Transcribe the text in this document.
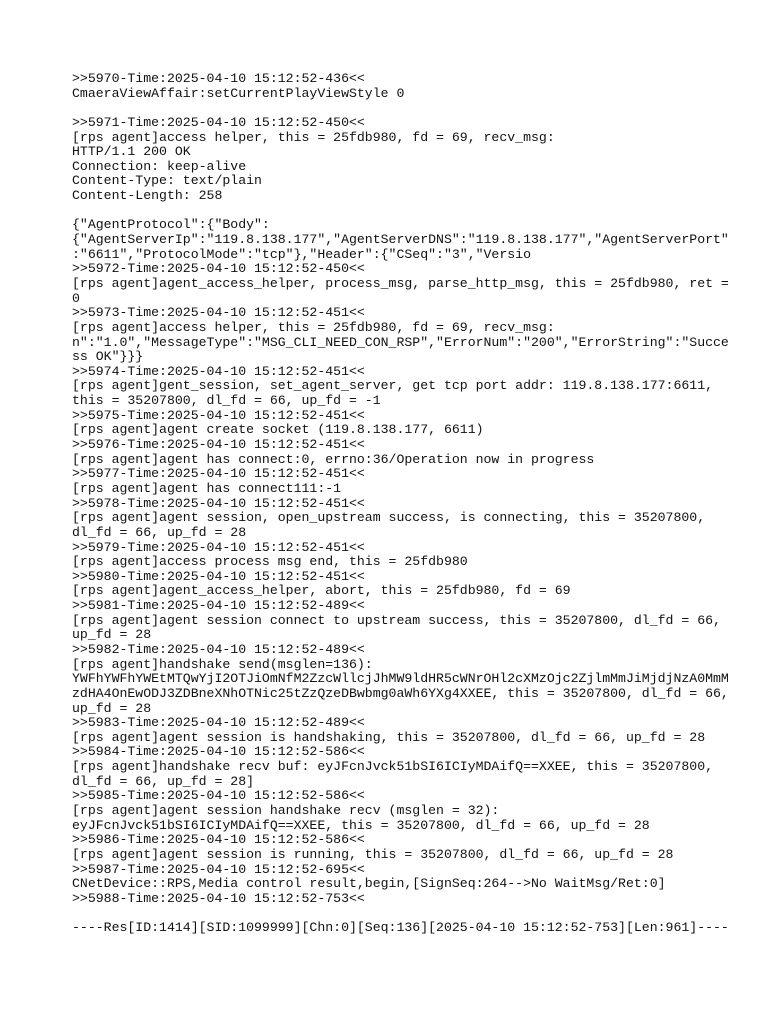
>>5970-Time:2025-04-10 15:12:52-436<<
CmaeraViewAffair:setCurrentPlayViewStyle 0
>>5971-Time:2025-04-10 15:12:52-450<<
[rps agent]access helper, this = 25fdb980, fd = 69, recv_msg:
HTTP/1.1 200 OK
Connection: keep-alive
Content-Type: text/plain
Content-Length: 258
{"AgentProtocol":{"Body":
{"AgentServerIp":"119.8.138.177","AgentServerDNS":"119.8.138.177","AgentServerPort"
:"6611","ProtocolMode":"tcp"},"Header":{"CSeq":"3","Versio
>>5972-Time:2025-04-10 15:12:52-450<<
[rps agent]agent_access_helper, process_msg, parse_http_msg, this = 25fdb980, ret =
0
>>5973-Time:2025-04-10 15:12:52-451<<
[rps agent]access helper, this = 25fdb980, fd = 69, recv_msg:
n":"1.0","MessageType":"MSG_CLI_NEED_CON_RSP","ErrorNum":"200","ErrorString":"Succe
ss OK"}}}
>>5974-Time:2025-04-10 15:12:52-451<<
[rps agent]gent_session, set_agent_server, get tcp port addr: 119.8.138.177:6611,
this = 35207800, dl_fd = 66, up_fd = -1
>>5975-Time:2025-04-10 15:12:52-451<<
[rps agent]agent create socket (119.8.138.177, 6611)
>>5976-Time:2025-04-10 15:12:52-451<<
[rps agent]agent has connect:0, errno:36/Operation now in progress
>>5977-Time:2025-04-10 15:12:52-451<<
[rps agent]agent has connect111:-1
>>5978-Time:2025-04-10 15:12:52-451<<
[rps agent]agent session, open_upstream success, is connecting, this = 35207800,
dl_fd = 66, up_fd = 28
>>5979-Time:2025-04-10 15:12:52-451<<
[rps agent]access process msg end, this = 25fdb980
>>5980-Time:2025-04-10 15:12:52-451<<
[rps agent]agent_access_helper, abort, this = 25fdb980, fd = 69
>>5981-Time:2025-04-10 15:12:52-489<<
[rps agent]agent session connect to upstream success, this = 35207800, dl_fd = 66,
up_fd = 28
>>5982-Time:2025-04-10 15:12:52-489<<
[rps agent]handshake send(msglen=136):
YWFhYWFhYWEtMTQwYjI2OTJiOmNfM2ZzcWllcjJhMW9ldHR5cWNrOHl2cXMzOjc2ZjlmMmJiMjdjNzA0MmM
zdHA4OnEwODJ3ZDBneXNhOTNic25tZzQzeDBwbmg0aWh6YXg4XXEE, this = 35207800, dl_fd = 66,
up_fd = 28
>>5983-Time:2025-04-10 15:12:52-489<<
[rps agent]agent session is handshaking, this = 35207800, dl_fd = 66, up_fd = 28
>>5984-Time:2025-04-10 15:12:52-586<<
[rps agent]handshake recv buf: eyJFcnJvck51bSI6ICIyMDAifQ==XXEE, this = 35207800,
dl_fd = 66, up_fd = 28]
>>5985-Time:2025-04-10 15:12:52-586<<
[rps agent]agent session handshake recv (msglen = 32):
eyJFcnJvck51bSI6ICIyMDAifQ==XXEE, this = 35207800, dl_fd = 66, up_fd = 28
>>5986-Time:2025-04-10 15:12:52-586<<
[rps agent]agent session is running, this = 35207800, dl_fd = 66, up_fd = 28
>>5987-Time:2025-04-10 15:12:52-695<<
CNetDevice::RPS,Media control result,begin,[SignSeq:264-->No WaitMsg/Ret:0]
>>5988-Time:2025-04-10 15:12:52-753<<
----Res[ID:1414][SID:1099999][Chn:0][Seq:136][2025-04-10 15:12:52-753][Len:961]----
